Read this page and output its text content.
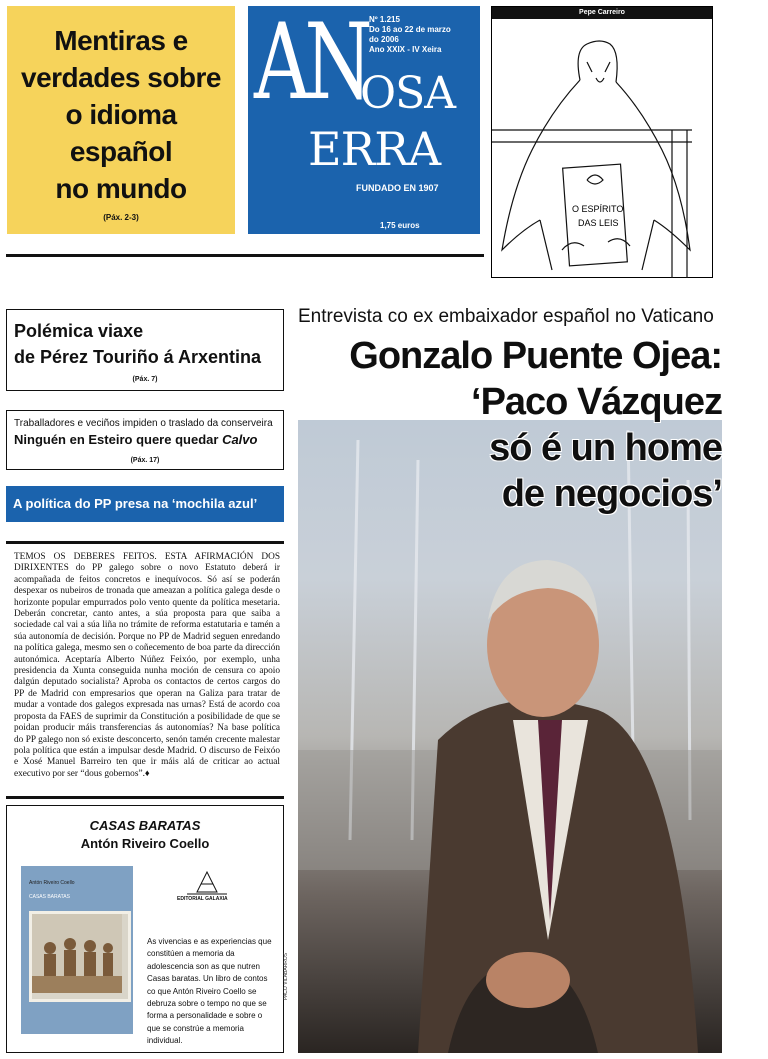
Mentiras e
verdades sobre
o idioma
español
no mundo
(Páx. 2-3)
AN Nº 1.215
Do 16 ao 22 de marzo
do 2006
Ano XXIX - IV Xeira
OSA
ERRA
FUNDADO EN 1907
1,75 euros
Pepe Carreiro
O ESPÍRITO
DAS LEIS
Polémica viaxe
de Pérez Touriño á Arxentina
(Páx. 7)
Traballadores e veciños impiden o traslado da conserveira
Ninguén en Esteiro quere quedar Calvo
(Páx. 17)
A política do PP presa na ‘mochila azul’
TEMOS OS DEBERES FEITOS. ESTA AFIRMACIÓN DOS DIRIXENTES do PP galego sobre o novo Estatuto deberá ir acompañada de feitos concretos e inequívocos. Só así se poderán despexar os nubeiros de tronada que ameazan a política galega desde o horizonte popular empurrados polo vento quente da política mesetaria. Deberán concretar, canto antes, a súa proposta para que saiba a sociedade cal vai a súa liña no trámite de reforma estatutaria e tamén a súa autonomía de decisión. Porque no PP de Madrid seguen enredando na política galega, mesmo sen o coñecemento de boa parte da dirección autonómica. Aceptaría Alberto Núñez Feixóo, por exemplo, unha presidencia da Xunta conseguida nunha moción de censura co apoio dalgún deputado socialista? Aproba os contactos de certos cargos do PP de Madrid con empresarios que operan na Galiza para tratar de mudar a vontade dos galegos expresada nas urnas? Está de acordo coa proposta da FAES de suprimir da Constitución a posibilidade de que se poidan producir máis transferencias ás autonomías? Na base política do PP galego non só existe desconcerto, senón tamén crecente malestar pola política que están a impulsar desde Madrid. O discurso de Feixóo e Xosé Manuel Barreiro ten que ir máis alá de criticar ao actual executivo por ser “dous gobernos”.♦
CASAS BARATAS
Antón Riveiro Coello
Antón Riveiro Coello
CASAS BARATAS	EDITORIAL GALAXIA
As vivencias e as experiencias que constitúen a memoria da adolescencia son as que nutren Casas baratas. Un libro de contos co que Antón Riveiro Coello se debruza sobre o tempo no que se forma a personalidade e sobre o que se constrúe a memoria individual.
Entrevista co ex embaixador español no Vaticano
Gonzalo Puente Ojea:
‘Paco Vázquez
só é un home
de negocios’
PACO VILABARROS
